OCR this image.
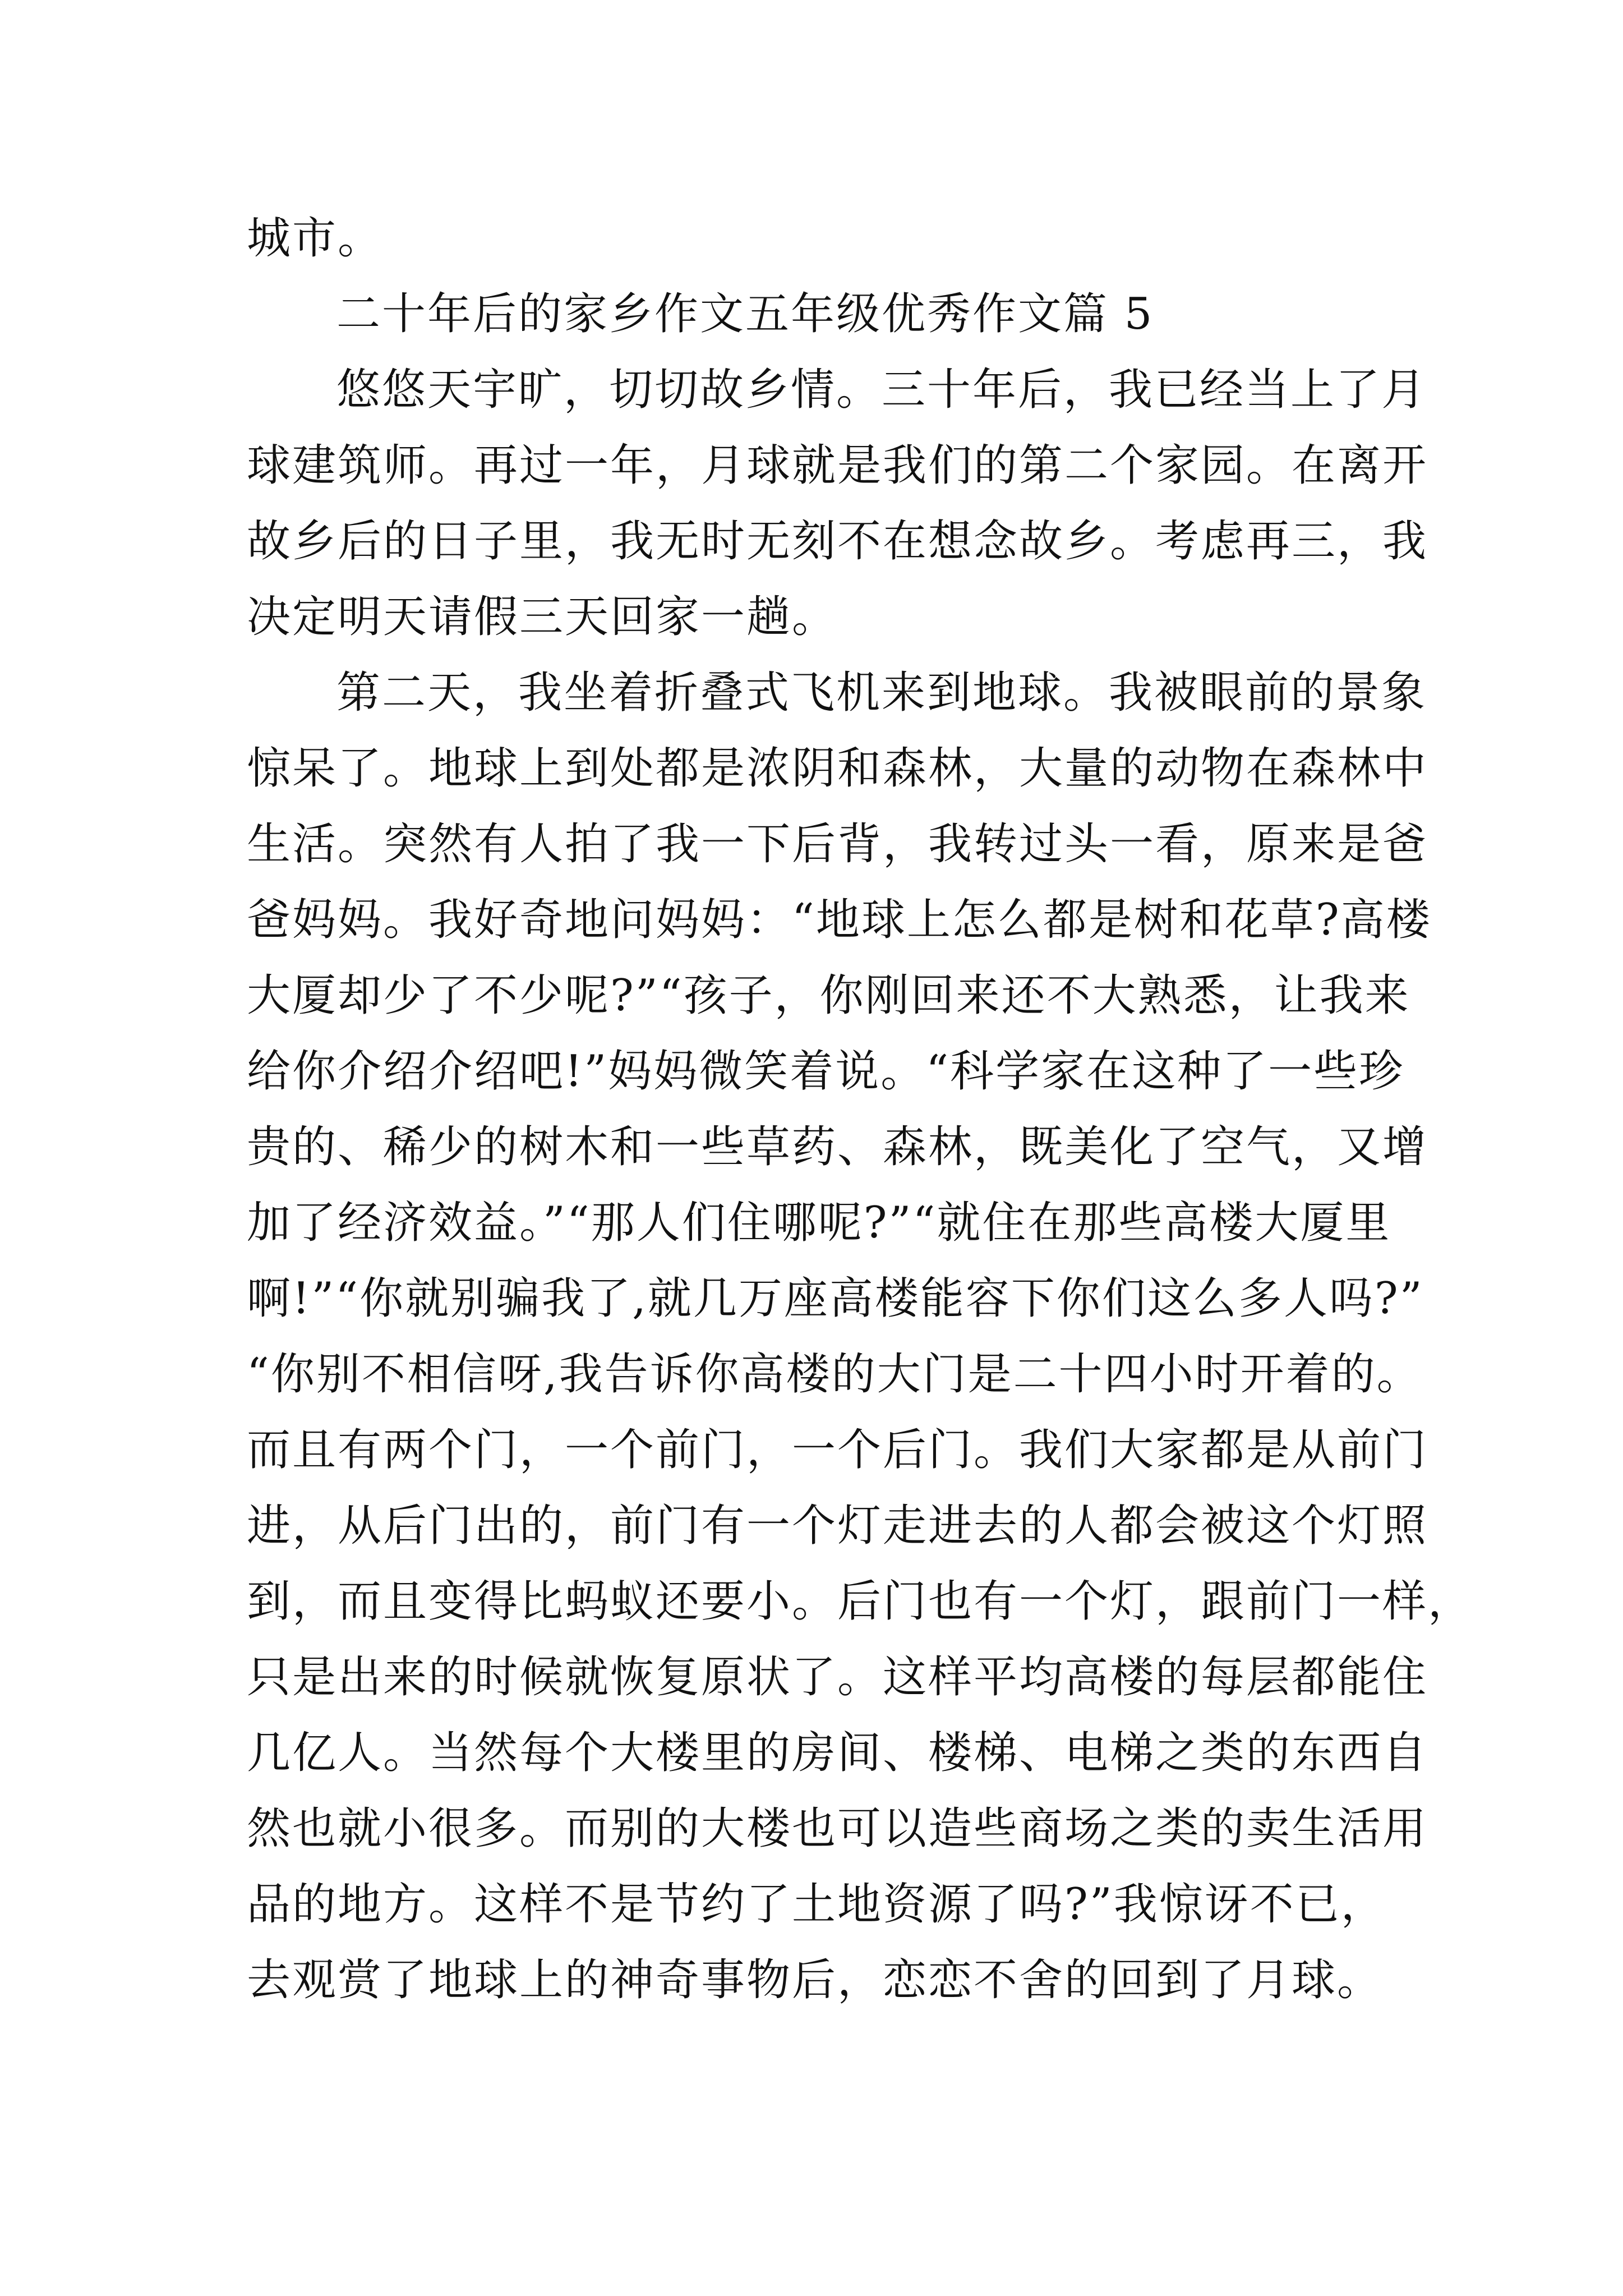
城市。
二十年后的家乡作文五年级优秀作文篇 5
悠悠天宇旷，切切故乡情。三十年后，我已经当上了月
球建筑师。再过一年，月球就是我们的第二个家园。在离开
故乡后的日子里，我无时无刻不在想念故乡。考虑再三，我
决定明天请假三天回家一趟。
第二天，我坐着折叠式飞机来到地球。我被眼前的景象
惊呆了。地球上到处都是浓阴和森林，大量的动物在森林中
生活。突然有人拍了我一下后背，我转过头一看，原来是爸
爸妈妈。我好奇地问妈妈：“地球上怎么都是树和花草?高楼
大厦却少了不少呢?”“孩子，你刚回来还不大熟悉，让我来
给你介绍介绍吧!”妈妈微笑着说。“科学家在这种了一些珍
贵的、稀少的树木和一些草药、森林，既美化了空气，又增
加了经济效益。”“那人们住哪呢?”“就住在那些高楼大厦里
啊!”“你就别骗我了,就几万座高楼能容下你们这么多人吗?”
“你别不相信呀,我告诉你高楼的大门是二十四小时开着的。
而且有两个门，一个前门，一个后门。我们大家都是从前门
进，从后门出的，前门有一个灯走进去的人都会被这个灯照
到，而且变得比蚂蚁还要小。后门也有一个灯，跟前门一样，
只是出来的时候就恢复原状了。这样平均高楼的每层都能住
几亿人。当然每个大楼里的房间、楼梯、电梯之类的东西自
然也就小很多。而别的大楼也可以造些商场之类的卖生活用
品的地方。这样不是节约了土地资源了吗?”我惊讶不已，
去观赏了地球上的神奇事物后，恋恋不舍的回到了月球。
